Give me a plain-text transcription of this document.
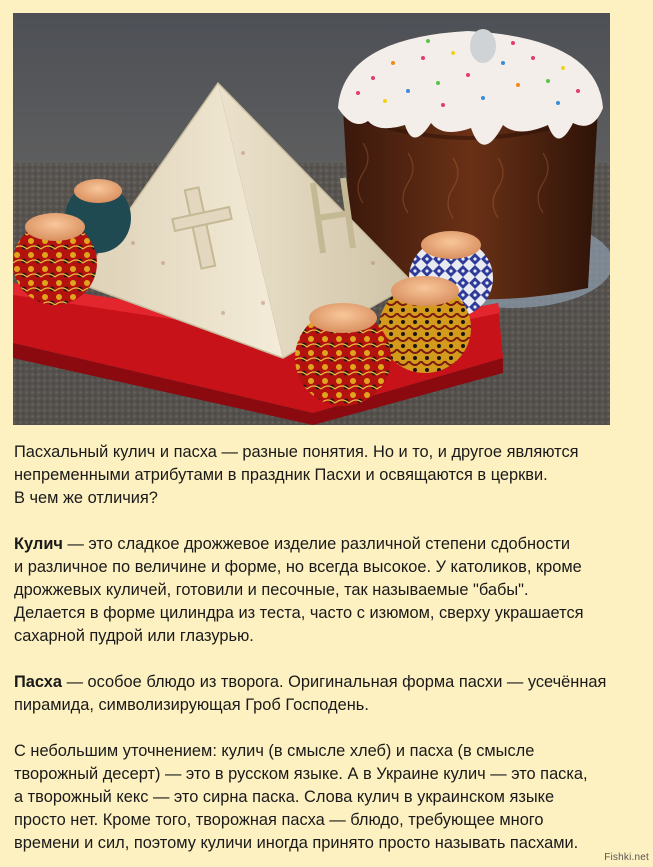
Пасхальный кулич и пасха — разные понятия. Но и то, и другое являются
непременными атрибутами в праздник Пасхи и освящаются в церкви.
В чем же отличия?

Кулич — это сладкое дрожжевое изделие различной степени сдобности
и различное по величине и форме, но всегда высокое. У католиков, кроме
дрожжевых куличей, готовили и песочные, так называемые "бабы".
Делается в форме цилиндра из теста, часто с изюмом, сверху украшается
сахарной пудрой или глазурью.

Пасха — особое блюдо из творога. Оригинальная форма пасхи — усечённая
пирамида, символизирующая Гроб Господень.

С небольшим уточнением: кулич (в смысле хлеб) и пасха (в смысле
творожный десерт) — это в русском языке. А в Украине кулич — это паска,
а творожный кекс — это сирна паска. Слова кулич в украинском языке
просто нет. Кроме того, творожная пасха — блюдо, требующее много
времени и сил, поэтому куличи иногда принято просто называть пасхами.

Fishki.net
